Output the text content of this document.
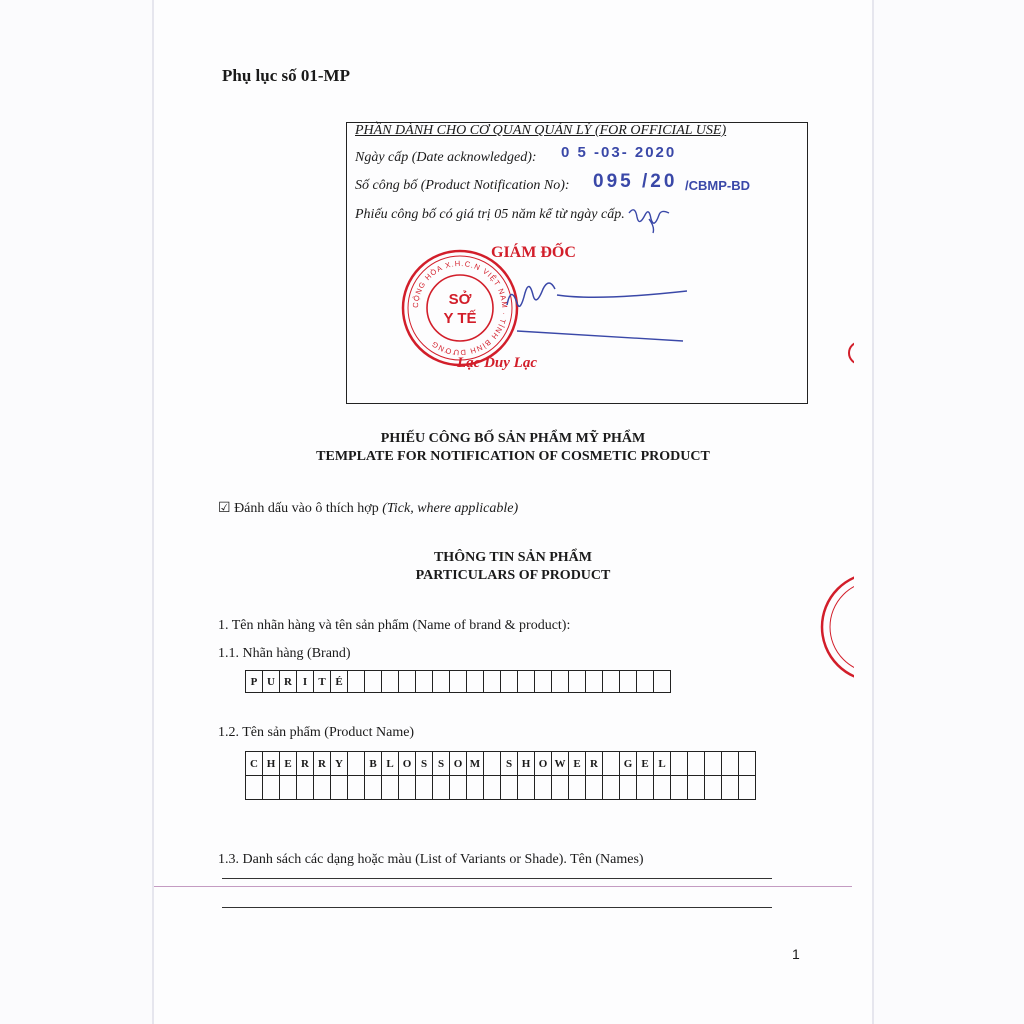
Phụ lục số 01-MP
PHẦN DÀNH CHO CƠ QUAN QUẢN LÝ (FOR OFFICIAL USE)
Ngày cấp (Date acknowledged): 0 5 -03- 2020
Số công bố (Product Notification No): 095 /20 /CBMP-BD
Phiếu công bố có giá trị 05 năm kể từ ngày cấp.
GIÁM ĐỐC
CỘNG HÒA X.H.C.N VIỆT NAM · TỈNH BÌNH DƯƠNG
SỞ
Y TẾ
Lạc Duy Lạc
PHIẾU CÔNG BỐ SẢN PHẨM MỸ PHẨM
TEMPLATE FOR NOTIFICATION OF COSMETIC PRODUCT
☑ Đánh dấu vào ô thích hợp (Tick, where applicable)
THÔNG TIN SẢN PHẨM
PARTICULARS OF PRODUCT
1. Tên nhãn hàng và tên sản phẩm (Name of brand & product):
1.1. Nhãn hàng (Brand)
P	U	R	I	T	É																			
1.2. Tên sản phẩm (Product Name)
C	H	E	R	R	Y		B	L	O	S	S	O	M		S	H	O	W	E	R		G	E	L					

1.3. Danh sách các dạng hoặc màu (List of Variants or Shade). Tên (Names)
1
